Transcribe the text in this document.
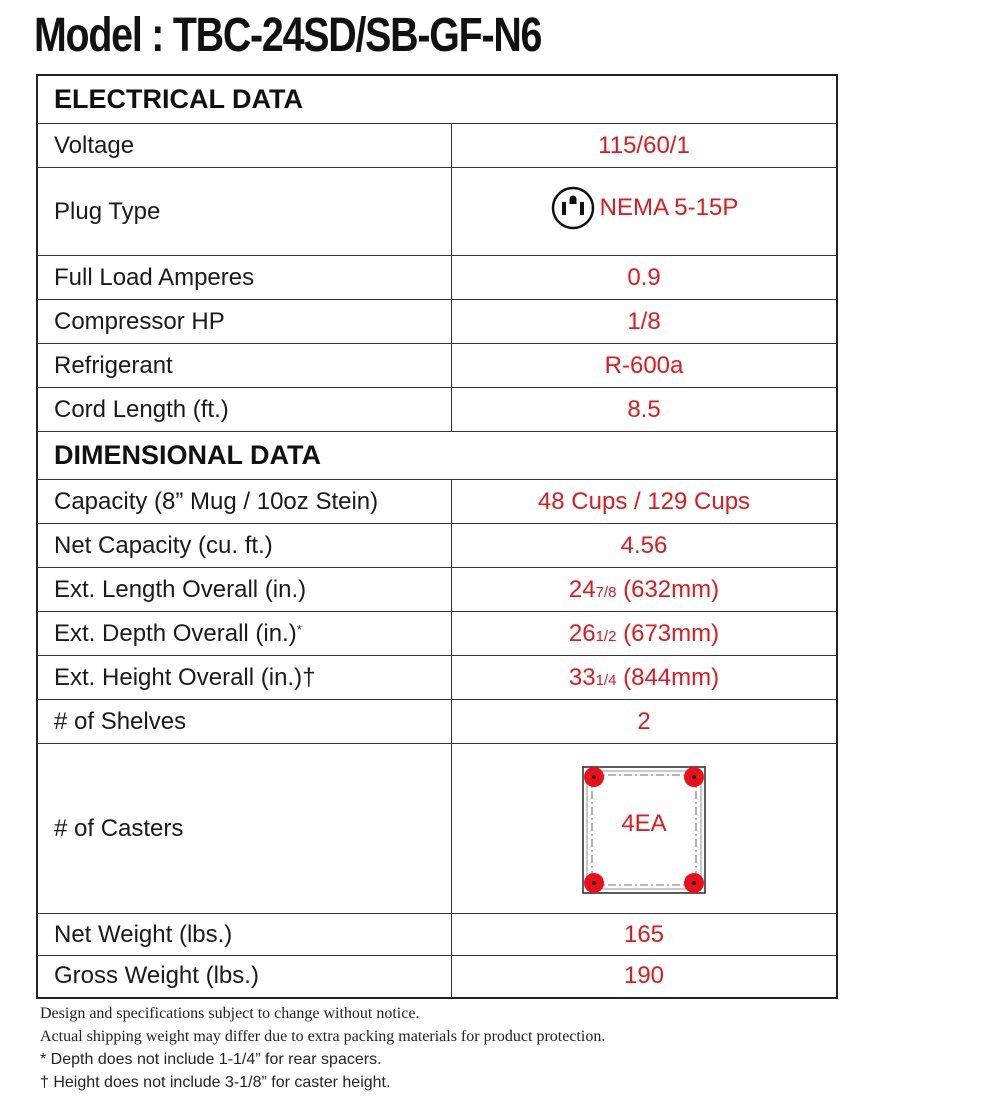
Model : TBC-24SD/SB-GF-N6
ELECTRICAL DATA	
Voltage	115/60/1
Plug Type	NEMA 5-15P

Full Load Amperes	0.9
Compressor HP	1/8
Refrigerant	R-600a
Cord Length (ft.)	8.5
DIMENSIONAL DATA	
Capacity (8” Mug / 10oz Stein)	48 Cups / 129 Cups
Net Capacity (cu. ft.)	4.56
Ext. Length Overall (in.)	247/8 (632mm)
Ext. Depth Overall (in.)*	261/2 (673mm)
Ext. Height Overall (in.)†	331/4 (844mm)
# of Shelves	2
# of Casters	4EA

Net Weight (lbs.)	165
Gross Weight (lbs.)	190
Design and specifications subject to change without notice.
Actual shipping weight may differ due to extra packing materials for product protection.
* Depth does not include 1-1/4” for rear spacers.
† Height does not include 3-1/8” for caster height.
